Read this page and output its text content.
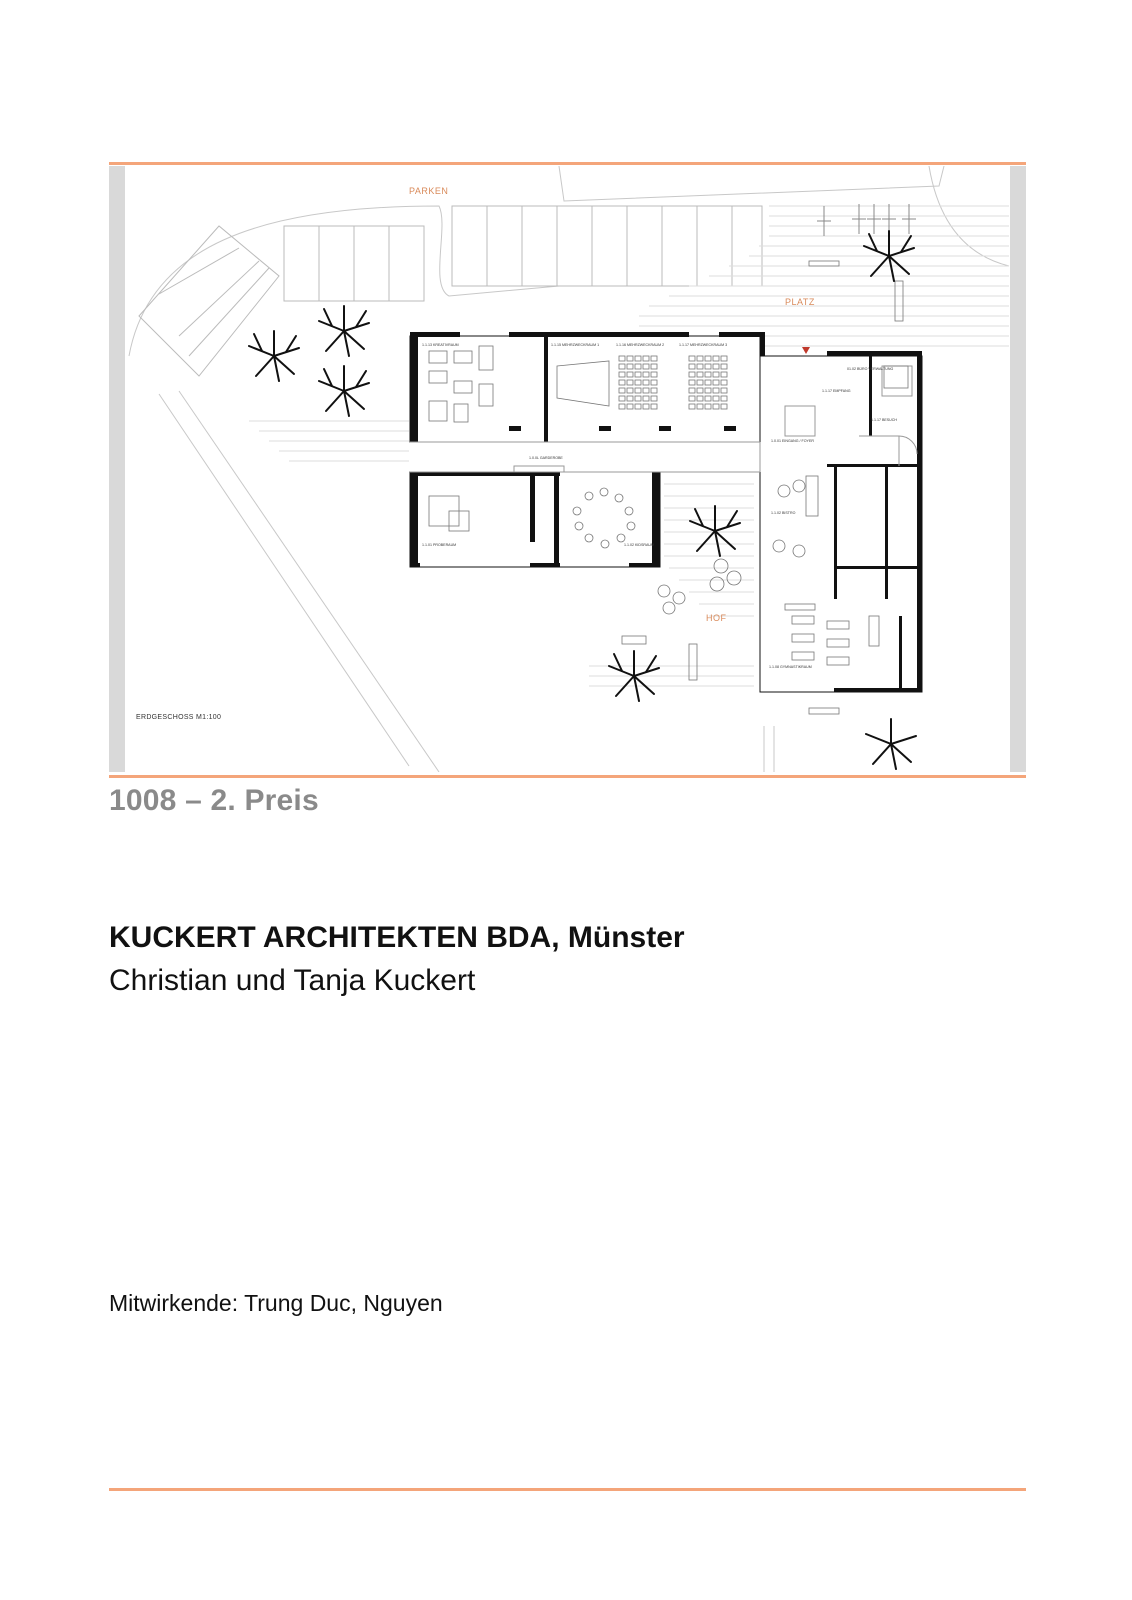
PARKEN
PLATZ
HOF
ERDGESCHOSS M1:100
1.1.13 KREATIVRAUM	1.1.15 MEHRZWECKRAUM 1	1.1.16 MEHRZWECKRAUM 2	1.1.17 MEHRZWECKRAUM 3
1.0.01 EINGANG / FOYER
1.0.0L GARDEROBE
1.1.01 PROBERAUM	1.1.02 KIDSRAUM
1.1.02 BISTRO
1.1.08 GYMNASTIKRAUM
01.02 BÜRO VERWALTUNG
1.1.17 EMPFANG
1.1.17 BESUCH

1008 – 2. Preis

KUCKERT ARCHITEKTEN BDA, Münster

Christian und Tanja Kuckert

Mitwirkende: Trung Duc, Nguyen
